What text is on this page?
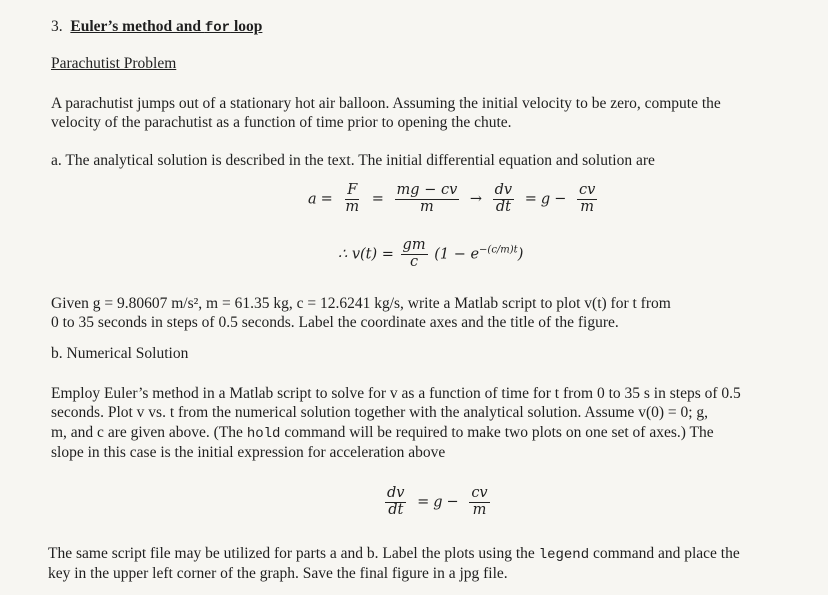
3. Euler’s method and for loop
Parachutist Problem
A parachutist jumps out of a stationary hot air balloon. Assuming the initial velocity to be zero, compute the
velocity of the parachutist as a function of time prior to opening the chute.
a. The analytical solution is described in the text. The initial differential equation and solution are
$a = \frac{F}{m} = \frac{mg - cv}{m} \to \frac{dv}{dt} = g - \frac{cv}{m}$
∴ $v(t) = \frac{gm}{c} (1 - e^{-(c/m)t})$
Given g = 9.80607 m/s², m = 61.35 kg, c = 12.6241 kg/s, write a Matlab script to plot v(t) for t from
0 to 35 seconds in steps of 0.5 seconds. Label the coordinate axes and the title of the figure.
b. Numerical Solution
Employ Euler’s method in a Matlab script to solve for v as a function of time for t from 0 to 35 s in steps of 0.5
seconds. Plot v vs. t from the numerical solution together with the analytical solution. Assume v(0) = 0; g,
m, and c are given above. (The hold command will be required to make two plots on one set of axes.) The
slope in this case is the initial expression for acceleration above
$\frac{dv}{dt} = g - \frac{cv}{m}$
The same script file may be utilized for parts a and b. Label the plots using the legend command and place the
key in the upper left corner of the graph. Save the final figure in a jpg file.
